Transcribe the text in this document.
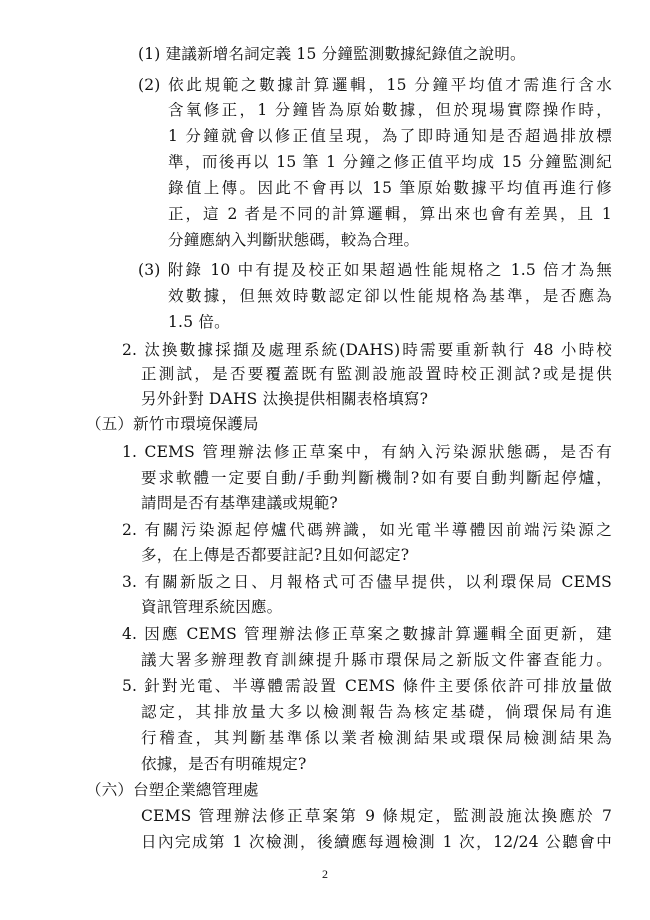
(1) 建議新增名詞定義 15 分鐘監測數據紀錄值之說明。
(2) 依此規範之數據計算邏輯，15 分鐘平均值才需進行含水
含氧修正，1 分鐘皆為原始數據，但於現場實際操作時，
1 分鐘就會以修正值呈現，為了即時通知是否超過排放標
準，而後再以 15 筆 1 分鐘之修正值平均成 15 分鐘監測紀
錄值上傳。因此不會再以 15 筆原始數據平均值再進行修
正，這 2 者是不同的計算邏輯，算出來也會有差異，且 1
分鐘應納入判斷狀態碼，較為合理。
(3) 附錄 10 中有提及校正如果超過性能規格之 1.5 倍才為無
效數據，但無效時數認定卻以性能規格為基準，是否應為
1.5 倍。
2. 汰換數據採擷及處理系統(DAHS)時需要重新執行 48 小時校
正測試，是否要覆蓋既有監測設施設置時校正測試?或是提供
另外針對 DAHS 汰換提供相關表格填寫?
（五）新竹市環境保護局
1. CEMS 管理辦法修正草案中，有納入污染源狀態碼，是否有
要求軟體一定要自動/手動判斷機制?如有要自動判斷起停爐，
請問是否有基準建議或規範?
2. 有關污染源起停爐代碼辨識，如光電半導體因前端污染源之
多，在上傳是否都要註記?且如何認定?
3. 有關新版之日、月報格式可否儘早提供，以利環保局 CEMS
資訊管理系統因應。
4. 因應 CEMS 管理辦法修正草案之數據計算邏輯全面更新，建
議大署多辦理教育訓練提升縣市環保局之新版文件審查能力。
5. 針對光電、半導體需設置 CEMS 條件主要係依許可排放量做
認定，其排放量大多以檢測報告為核定基礎，倘環保局有進
行稽查，其判斷基準係以業者檢測結果或環保局檢測結果為
依據，是否有明確規定?
（六）台塑企業總管理處
CEMS 管理辦法修正草案第 9 條規定，監測設施汰換應於 7
日內完成第 1 次檢測，後續應每週檢測 1 次，12/24 公聽會中
2
